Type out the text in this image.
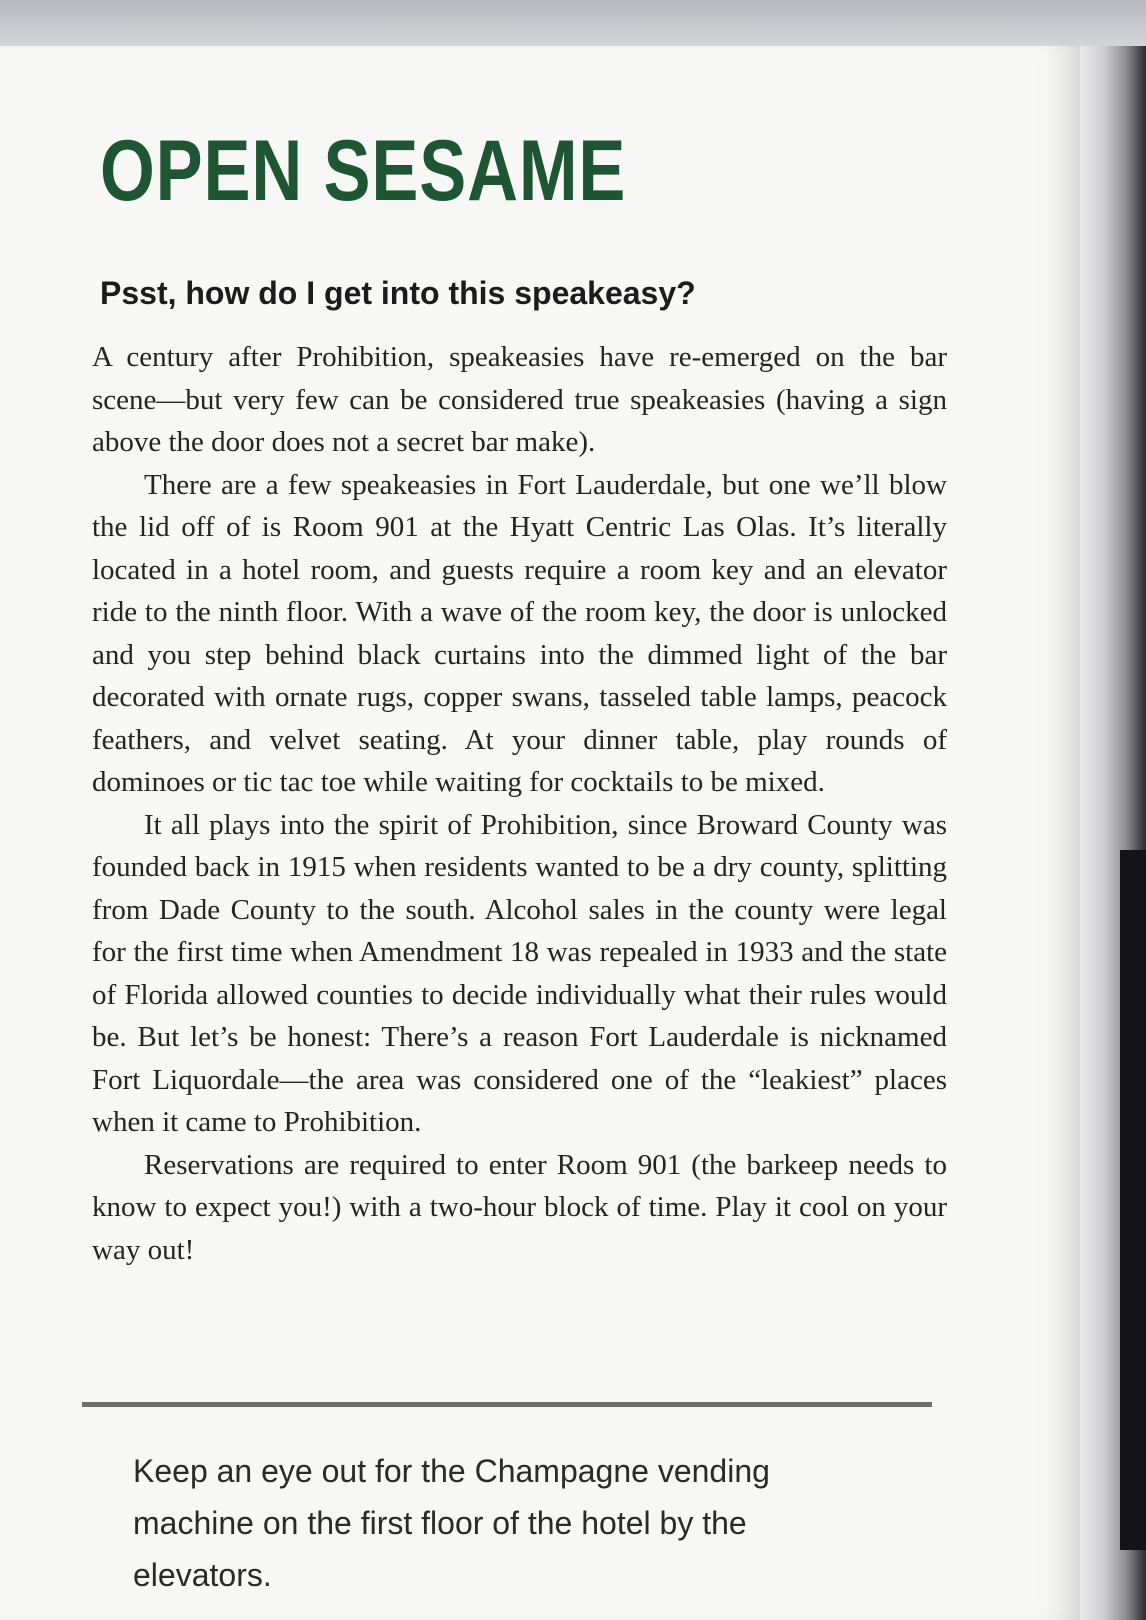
OPEN SESAME
Psst, how do I get into this speakeasy?

A century after Prohibition, speakeasies have re-emerged on the bar scene—but very few can be considered true speakeasies (having a sign above the door does not a secret bar make).

There are a few speakeasies in Fort Lauderdale, but one we’ll blow the lid off of is Room 901 at the Hyatt Centric Las Olas. It’s literally located in a hotel room, and guests require a room key and an elevator ride to the ninth floor. With a wave of the room key, the door is unlocked and you step behind black curtains into the dimmed light of the bar decorated with ornate rugs, copper swans, tasseled table lamps, peacock feathers, and velvet seating. At your dinner table, play rounds of dominoes or tic tac toe while waiting for cocktails to be mixed.

It all plays into the spirit of Prohibition, since Broward County was founded back in 1915 when residents wanted to be a dry county, splitting from Dade County to the south. Alcohol sales in the county were legal for the first time when Amendment 18 was repealed in 1933 and the state of Florida allowed counties to decide individually what their rules would be. But let’s be honest: There’s a reason Fort Lauderdale is nicknamed Fort Liquordale—the area was considered one of the “leakiest” places when it came to Prohibition.

Reservations are required to enter Room 901 (the barkeep needs to know to expect you!) with a two-hour block of time. Play it cool on your way out!

Keep an eye out for the Champagne vending machine on the first floor of the hotel by the elevators.
